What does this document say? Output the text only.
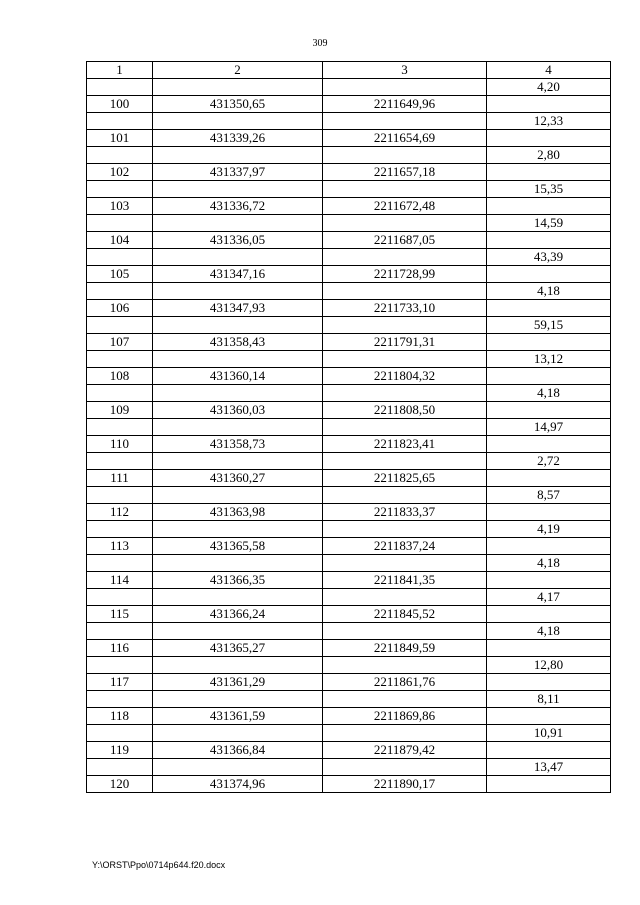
309
1	2	3	4
			4,20
100	431350,65	2211649,96	
			12,33
101	431339,26	2211654,69	
			2,80
102	431337,97	2211657,18	
			15,35
103	431336,72	2211672,48	
			14,59
104	431336,05	2211687,05	
			43,39
105	431347,16	2211728,99	
			4,18
106	431347,93	2211733,10	
			59,15
107	431358,43	2211791,31	
			13,12
108	431360,14	2211804,32	
			4,18
109	431360,03	2211808,50	
			14,97
110	431358,73	2211823,41	
			2,72
111	431360,27	2211825,65	
			8,57
112	431363,98	2211833,37	
			4,19
113	431365,58	2211837,24	
			4,18
114	431366,35	2211841,35	
			4,17
115	431366,24	2211845,52	
			4,18
116	431365,27	2211849,59	
			12,80
117	431361,29	2211861,76	
			8,11
118	431361,59	2211869,86	
			10,91
119	431366,84	2211879,42	
			13,47
120	431374,96	2211890,17	
Y:\ORST\Ppo\0714p644.f20.docx
